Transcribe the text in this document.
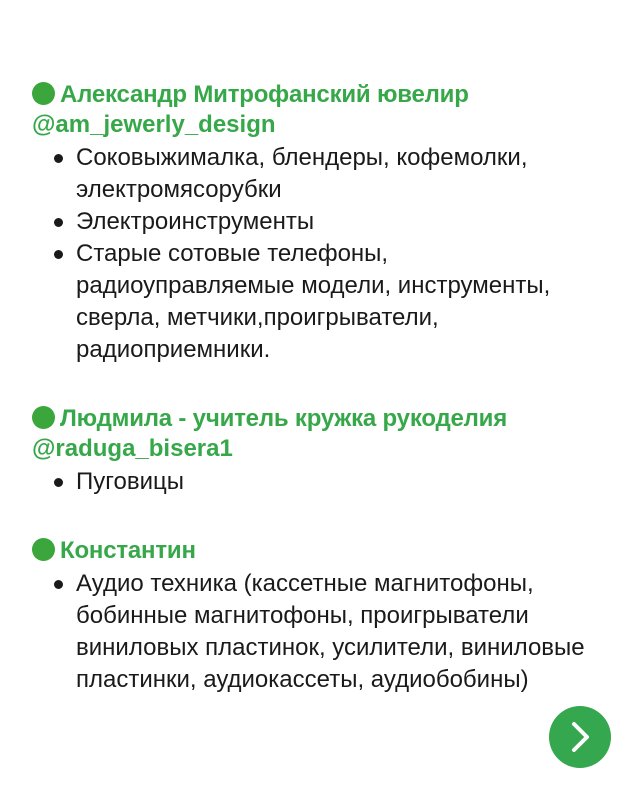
Александр Митрофанский ювелир
@am_jewerly_design
Соковыжималка, блендеры, кофемолки, электромясорубки
Электроинструменты
Старые сотовые телефоны, радиоуправляемые модели, инструменты, сверла, метчики,проигрыватели, радиоприемники.
Людмила - учитель кружка рукоделия
@raduga_bisera1
Пуговицы
Константин
Аудио техника (кассетные магнитофоны, бобинные магнитофоны, проигрыватели виниловых пластинок, усилители, виниловые пластинки, аудиокассеты, аудиобобины)
